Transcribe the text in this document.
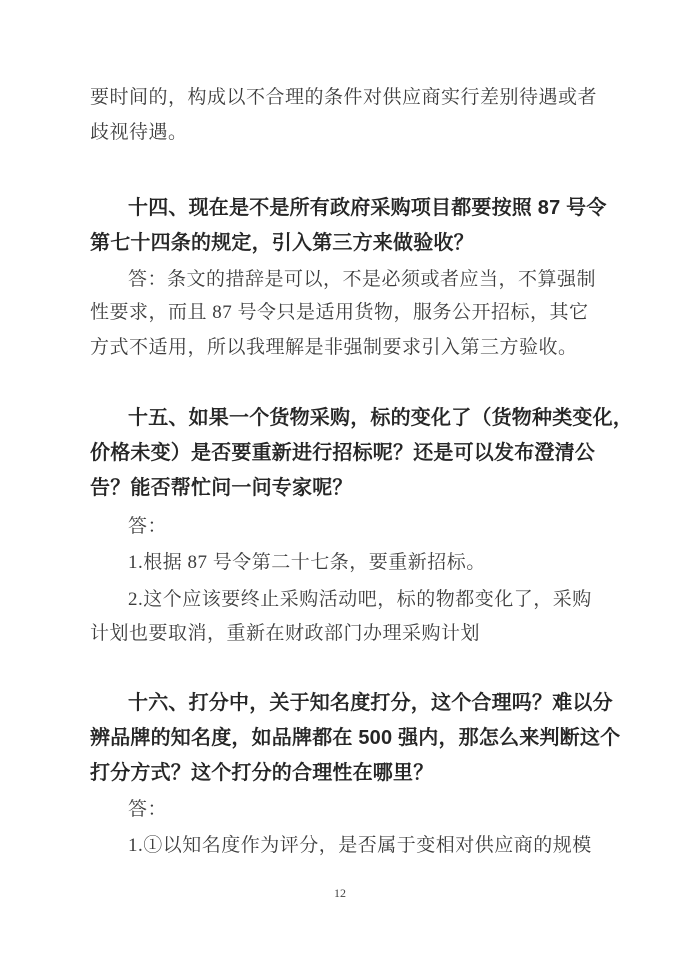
要时间的，构成以不合理的条件对供应商实行差别待遇或者
歧视待遇。
十四、现在是不是所有政府采购项目都要按照 87 号令
第七十四条的规定，引入第三方来做验收？
答：条文的措辞是可以，不是必须或者应当，不算强制
性要求，而且 87 号令只是适用货物，服务公开招标，其它
方式不适用，所以我理解是非强制要求引入第三方验收。
十五、如果一个货物采购，标的变化了（货物种类变化，
价格未变）是否要重新进行招标呢？还是可以发布澄清公
告？能否帮忙问一问专家呢？
答：
1.根据 87 号令第二十七条，要重新招标。
2.这个应该要终止采购活动吧，标的物都变化了，采购
计划也要取消，重新在财政部门办理采购计划
十六、打分中，关于知名度打分，这个合理吗？难以分
辨品牌的知名度，如品牌都在 500 强内，那怎么来判断这个
打分方式？这个打分的合理性在哪里？
答：
1.①以知名度作为评分，是否属于变相对供应商的规模
12
